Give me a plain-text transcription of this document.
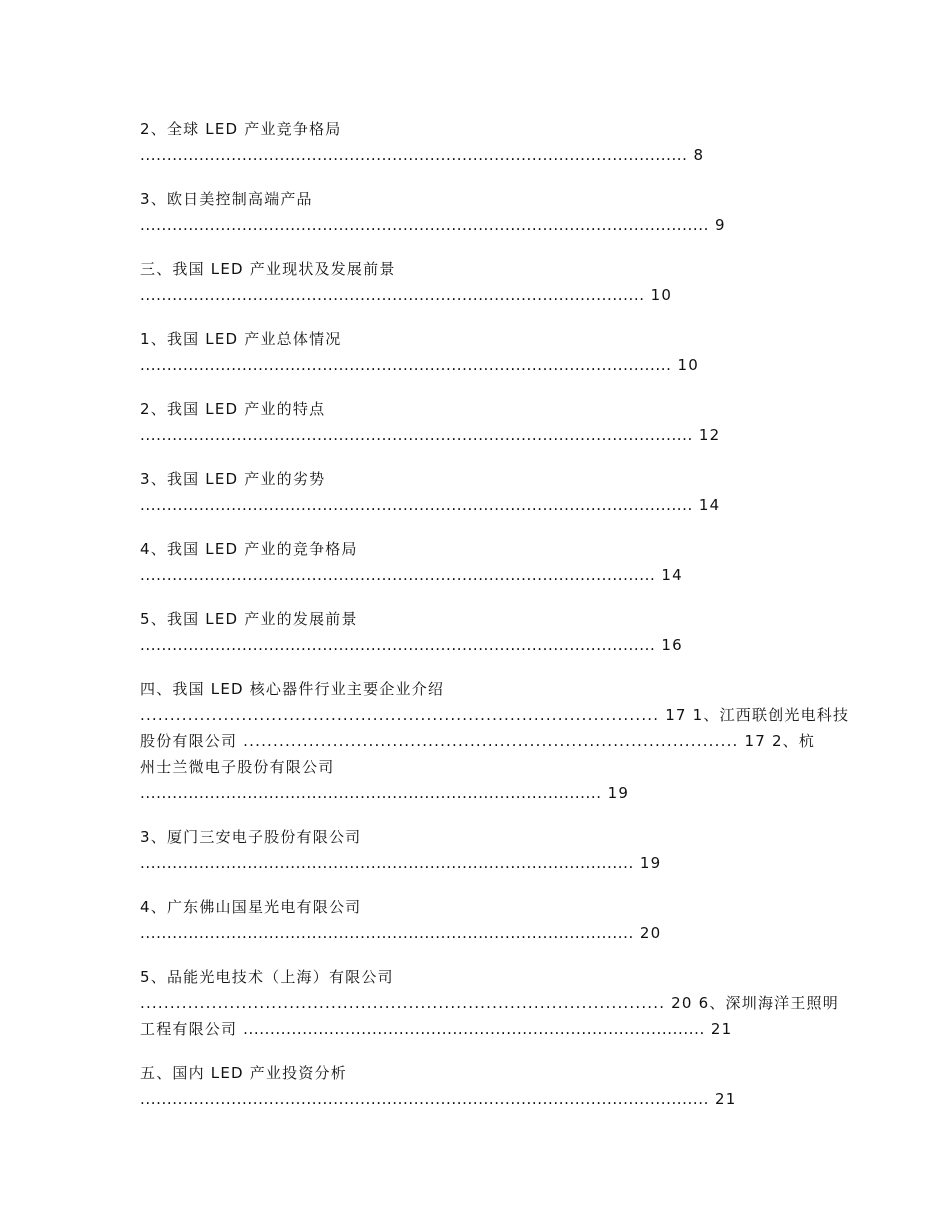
2、全球 LED 产业竞争格局
...................................................................................................... 8
3、欧日美控制高端产品
.......................................................................................................... 9
三、我国 LED 产业现状及发展前景
.............................................................................................. 10
1、我国 LED 产业总体情况
................................................................................................... 10
2、我国 LED 产业的特点
....................................................................................................... 12
3、我国 LED 产业的劣势
....................................................................................................... 14
4、我国 LED 产业的竞争格局
................................................................................................ 14
5、我国 LED 产业的发展前景
................................................................................................ 16
四、我国 LED 核心器件行业主要企业介绍
....................................................................................... 17 1、江西联创光电科技
股份有限公司 ................................................................................... 17 2、杭
州士兰微电子股份有限公司
...................................................................................... 19
3、厦门三安电子股份有限公司
............................................................................................ 19
4、广东佛山国星光电有限公司
............................................................................................ 20
5、品能光电技术（上海）有限公司
........................................................................................ 20 6、深圳海洋王照明
工程有限公司 ...................................................................................... 21
五、国内 LED 产业投资分析
.......................................................................................................... 21
